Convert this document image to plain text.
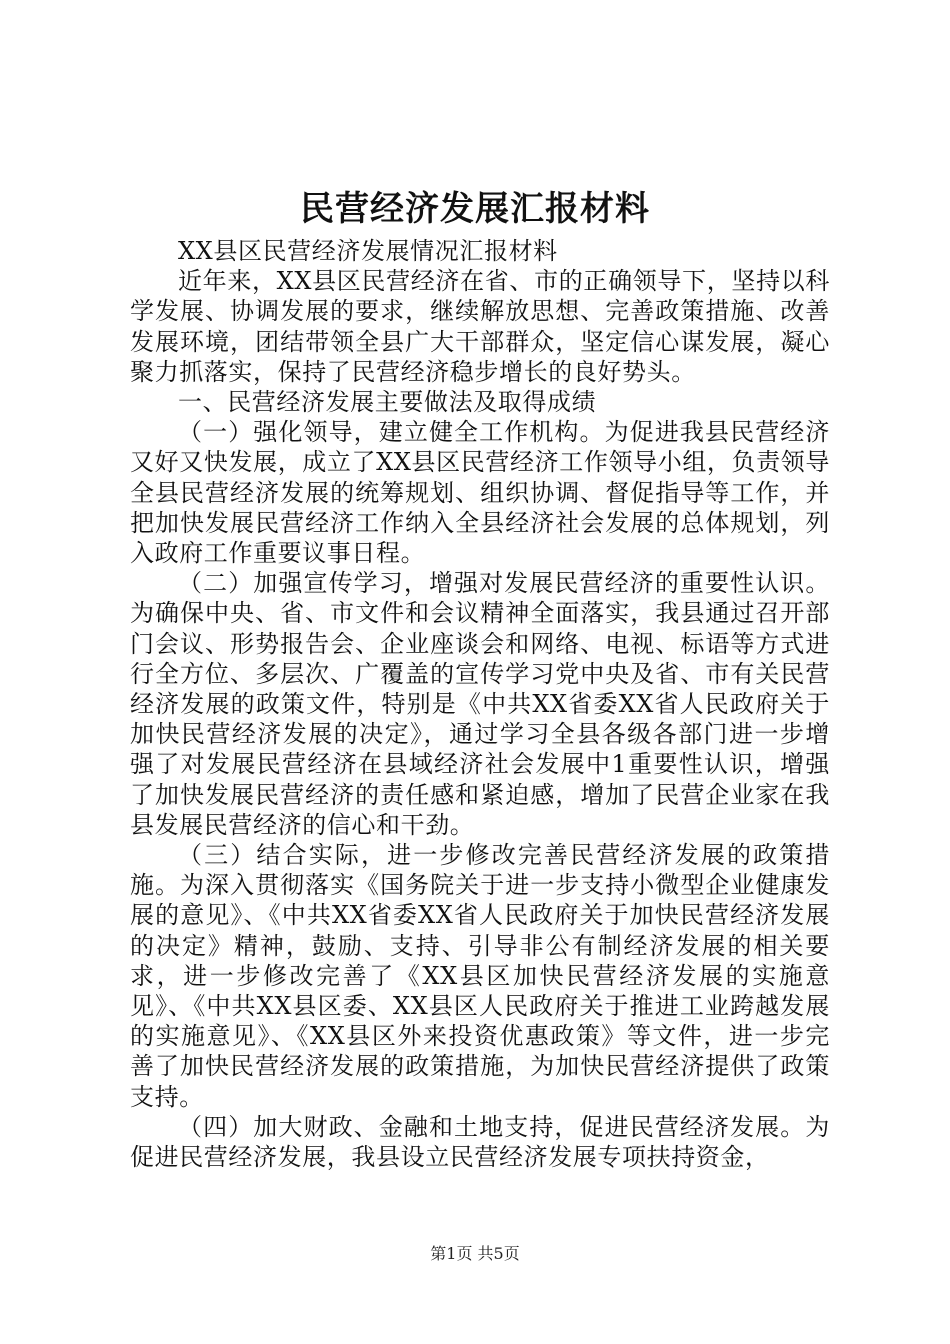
民营经济发展汇报材料

XX县区民营经济发展情况汇报材料

近年来，XX县区民营经济在省、市的正确领导下，坚持以科学发展、协调发展的要求，继续解放思想、完善政策措施、改善发展环境，团结带领全县广大干部群众，坚定信心谋发展，凝心聚力抓落实，保持了民营经济稳步增长的良好势头。

一、民营经济发展主要做法及取得成绩

（一）强化领导，建立健全工作机构。为促进我县民营经济又好又快发展，成立了XX县区民营经济工作领导小组，负责领导全县民营经济发展的统筹规划、组织协调、督促指导等工作，并把加快发展民营经济工作纳入全县经济社会发展的总体规划，列入政府工作重要议事日程。

（二）加强宣传学习，增强对发展民营经济的重要性认识。为确保中央、省、市文件和会议精神全面落实，我县通过召开部门会议、形势报告会、企业座谈会和网络、电视、标语等方式进行全方位、多层次、广覆盖的宣传学习党中央及省、市有关民营经济发展的政策文件，特别是《中共XX省委XX省人民政府关于加快民营经济发展的决定》，通过学习全县各级各部门进一步增强了对发展民营经济在县域经济社会发展中1重要性认识，增强了加快发展民营经济的责任感和紧迫感，增加了民营企业家在我县发展民营经济的信心和干劲。

（三）结合实际，进一步修改完善民营经济发展的政策措施。为深入贯彻落实《国务院关于进一步支持小微型企业健康发展的意见》、《中共XX省委XX省人民政府关于加快民营经济发展的决定》精神，鼓励、支持、引导非公有制经济发展的相关要求，进一步修改完善了《XX县区加快民营经济发展的实施意见》、《中共XX县区委、XX县区人民政府关于推进工业跨越发展的实施意见》、《XX县区外来投资优惠政策》等文件，进一步完善了加快民营经济发展的政策措施，为加快民营经济提供了政策支持。

（四）加大财政、金融和土地支持，促进民营经济发展。为促进民营经济发展，我县设立民营经济发展专项扶持资金，

第1页 共5页
